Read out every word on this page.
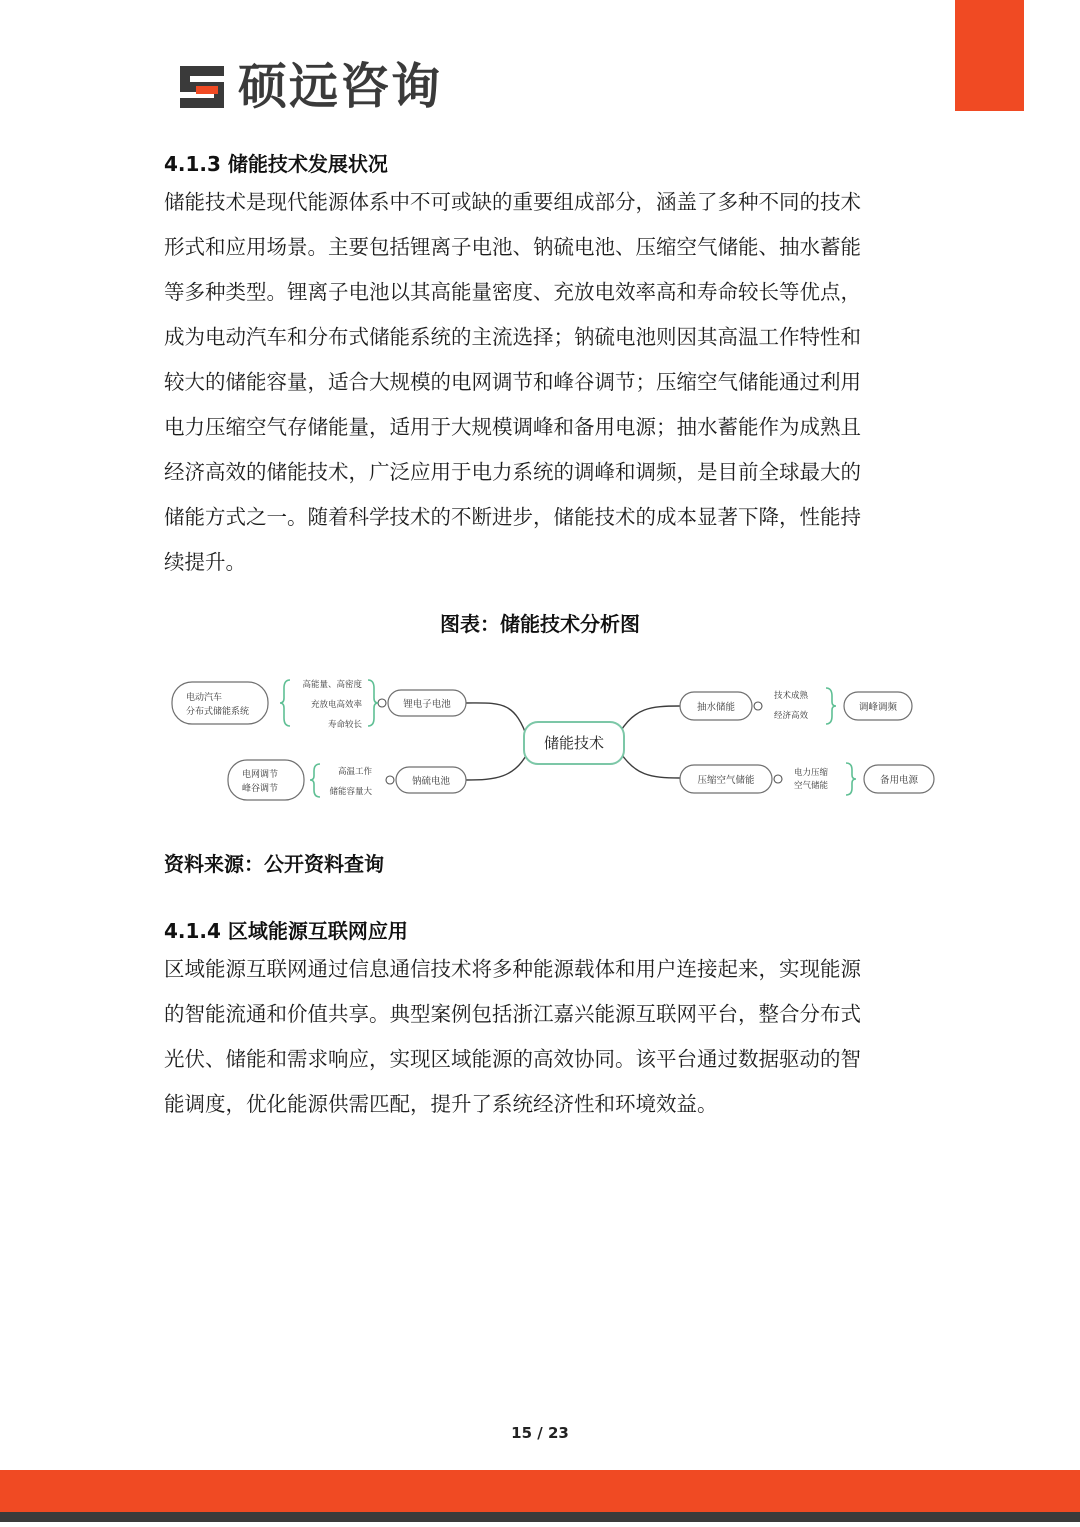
硕远咨询
4.1.3 储能技术发展状况
储能技术是现代能源体系中不可或缺的重要组成部分，涵盖了多种不同的技术
形式和应用场景。主要包括锂离子电池、钠硫电池、压缩空气储能、抽水蓄能
等多种类型。锂离子电池以其高能量密度、充放电效率高和寿命较长等优点，
成为电动汽车和分布式储能系统的主流选择；钠硫电池则因其高温工作特性和
较大的储能容量，适合大规模的电网调节和峰谷调节；压缩空气储能通过利用
电力压缩空气存储能量，适用于大规模调峰和备用电源；抽水蓄能作为成熟且
经济高效的储能技术，广泛应用于电力系统的调峰和调频，是目前全球最大的
储能方式之一。随着科学技术的不断进步，储能技术的成本显著下降，性能持
续提升。
图表：储能技术分析图
储能技术
锂电子电池
高能量、高密度
充放电高效率
寿命较长
电动汽车
分布式储能系统
钠硫电池
高温工作
储能容量大
电网调节
峰谷调节
抽水储能
技术成熟
经济高效
调峰调频
压缩空气储能
电力压缩
空气储能	备用电源
资料来源：公开资料查询
4.1.4 区域能源互联网应用
区域能源互联网通过信息通信技术将多种能源载体和用户连接起来，实现能源
的智能流通和价值共享。典型案例包括浙江嘉兴能源互联网平台，整合分布式
光伏、储能和需求响应，实现区域能源的高效协同。该平台通过数据驱动的智
能调度，优化能源供需匹配，提升了系统经济性和环境效益。
15 / 23
